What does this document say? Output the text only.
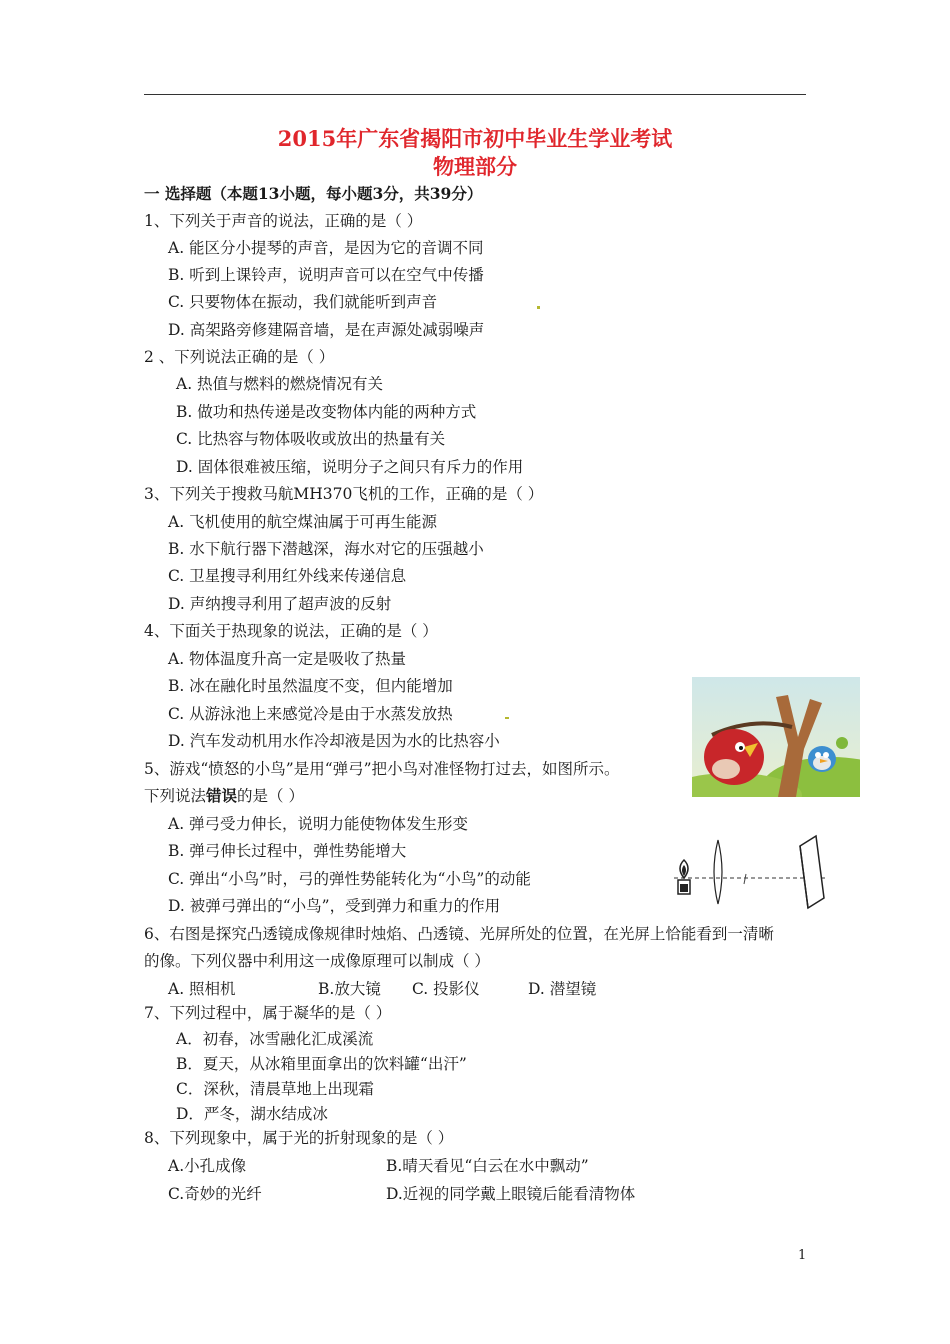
2015年广东省揭阳市初中毕业生学业考试
物理部分
一 选择题（本题13小题，每小题3分，共39分）
1、下列关于声音的说法，正确的是（ ）
A. 能区分小提琴的声音，是因为它的音调不同
B. 听到上课铃声，说明声音可以在空气中传播
C. 只要物体在振动，我们就能听到声音
D. 高架路旁修建隔音墙，是在声源处减弱噪声
2 、下列说法正确的是（ ）
A. 热值与燃料的燃烧情况有关
B. 做功和热传递是改变物体内能的两种方式
C. 比热容与物体吸收或放出的热量有关
D. 固体很难被压缩，说明分子之间只有斥力的作用
3、下列关于搜救马航MH370飞机的工作，正确的是（ ）
A. 飞机使用的航空煤油属于可再生能源
B. 水下航行器下潜越深，海水对它的压强越小
C. 卫星搜寻利用红外线来传递信息
D. 声纳搜寻利用了超声波的反射
4、下面关于热现象的说法，正确的是（ ）
A. 物体温度升高一定是吸收了热量
B. 冰在融化时虽然温度不变，但内能增加
C. 从游泳池上来感觉冷是由于水蒸发放热
D. 汽车发动机用水作冷却液是因为水的比热容小
5、游戏“愤怒的小鸟”是用“弹弓”把小鸟对准怪物打过去，如图所示。
下列说法错误的是（ ）
A. 弹弓受力伸长，说明力能使物体发生形变
B. 弹弓伸长过程中，弹性势能增大
C. 弹出“小鸟”时，弓的弹性势能转化为“小鸟”的动能
D. 被弹弓弹出的“小鸟”，受到弹力和重力的作用
6、右图是探究凸透镜成像规律时烛焰、凸透镜、光屏所处的位置，在光屏上恰能看到一清晰
的像。下列仪器中利用这一成像原理可以制成（ ）
A. 照相机	B.放大镜 C. 投影仪	D. 潜望镜
7、下列过程中，属于凝华的是（ ）
A．初春，冰雪融化汇成溪流
B．夏天，从冰箱里面拿出的饮料罐“出汗”
C．深秋，清晨草地上出现霜
D．严冬，湖水结成冰
8、下列现象中，属于光的折射现象的是（ ）
A.小孔成像	B.晴天看见“白云在水中飘动”
C.奇妙的光纤	D.近视的同学戴上眼镜后能看清物体
1
